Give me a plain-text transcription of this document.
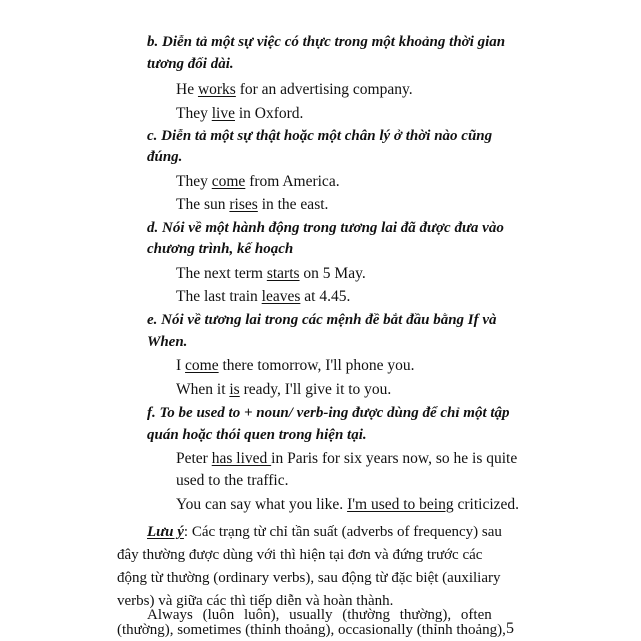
b. Diễn tả một sự việc có thực trong một khoảng thời gian
tương đối dài.
He works for an advertising company.
They live in Oxford.
c. Diễn tả một sự thật hoặc một chân lý ở thời nào cũng
đúng.
They come from America.
The sun rises in the east.
d. Nói về một hành động trong tương lai đã được đưa vào
chương trình, kế hoạch
The next term starts on 5 May.
The last train leaves at 4.45.
e. Nói về tương lai trong các mệnh đề bắt đầu bằng If và
When.
I come there tomorrow, I'll phone you.
When it is ready, I'll give it to you.
f. To be used to + noun/ verb-ing được dùng để chỉ một tập
quán hoặc thói quen trong hiện tại.
Peter has lived in Paris for six years now, so he is quite
used to the traffic.
You can say what you like. I'm used to being criticized.
Lưu ý: Các trạng từ chỉ tần suất (adverbs of frequency) sau
đây thường được dùng với thì hiện tại đơn và đứng trước các
động từ thường (ordinary verbs), sau động từ đặc biệt (auxiliary
verbs) và giữa các thì tiếp diễn và hoàn thành.
Always (luôn luôn), usually (thường thường), often
(thường), sometimes (thỉnh thoảng), occasionally (thỉnh thoảng), 5
